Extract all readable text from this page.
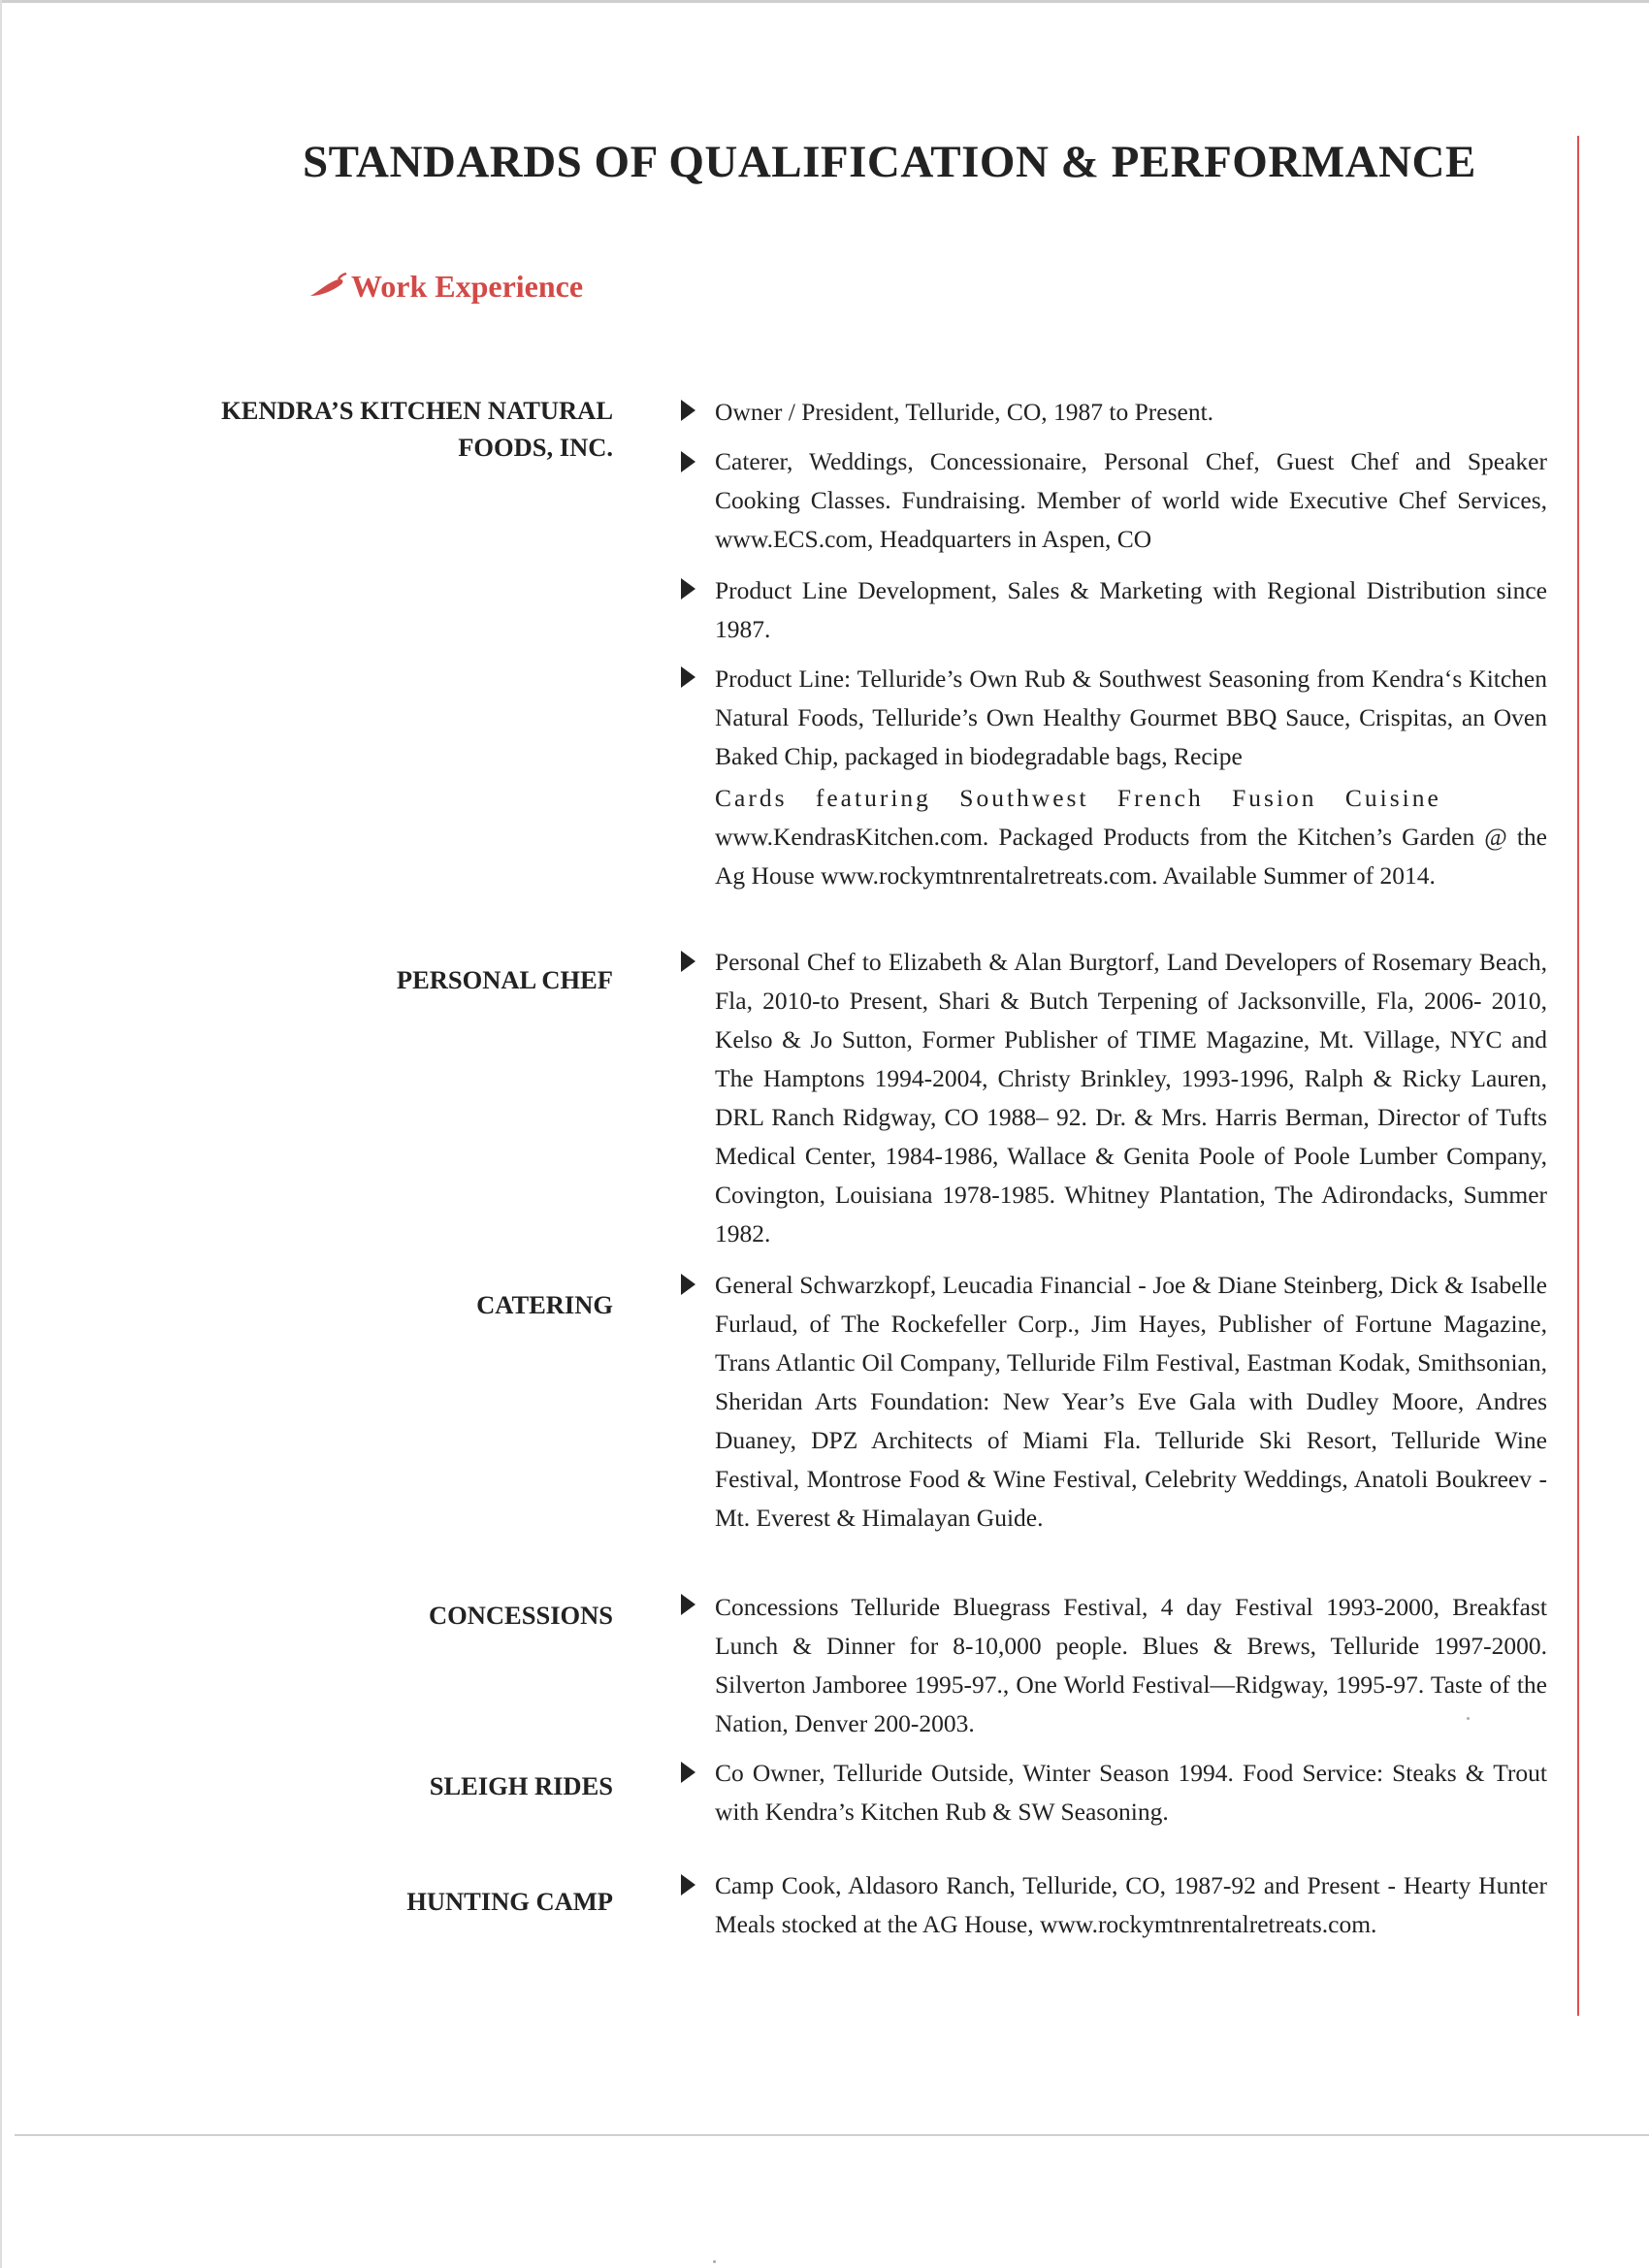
STANDARDS OF QUALIFICATION & PERFORMANCE
Work Experience
KENDRA’S KITCHEN NATURAL FOODS, INC.
Owner / President, Telluride, CO, 1987 to Present.
Caterer, Weddings, Concessionaire, Personal Chef, Guest Chef and Speaker Cooking Classes. Fundraising. Member of world wide Executive Chef Services, www.ECS.com, Headquarters in Aspen, CO
Product Line Development, Sales & Marketing with Regional Distribution since 1987.
Product Line: Telluride’s Own Rub & Southwest Seasoning from Kendra‘s Kitchen Natural Foods, Telluride’s Own Healthy Gourmet BBQ Sauce, Crispitas, an Oven Baked Chip, packaged in biodegradable bags, Recipe
Cards featuring Southwest French Fusion Cuisine
www.KendrasKitchen.com. Packaged Products from the Kitchen’s Garden @ the Ag House www.rockymtnrentalretreats.com. Available Summer of 2014.
PERSONAL CHEF
Personal Chef to Elizabeth & Alan Burgtorf, Land Developers of Rosemary Beach, Fla, 2010-to Present, Shari & Butch Terpening of Jacksonville, Fla, 2006- 2010, Kelso & Jo Sutton, Former Publisher of TIME Magazine, Mt. Village, NYC and The Hamptons 1994-2004, Christy Brinkley, 1993-1996, Ralph & Ricky Lauren, DRL Ranch Ridgway, CO 1988– 92. Dr. & Mrs. Harris Berman, Director of Tufts Medical Center, 1984-1986, Wallace & Genita Poole of Poole Lumber Company, Covington, Louisiana 1978-1985. Whitney Plantation, The Adirondacks, Summer 1982.
CATERING
General Schwarzkopf, Leucadia Financial - Joe & Diane Steinberg, Dick & Isabelle Furlaud, of The Rockefeller Corp., Jim Hayes, Publisher of Fortune Magazine, Trans Atlantic Oil Company, Telluride Film Festival, Eastman Kodak, Smithsonian, Sheridan Arts Foundation: New Year’s Eve Gala with Dudley Moore, Andres Duaney, DPZ Architects of Miami Fla. Telluride Ski Resort, Telluride Wine Festival, Montrose Food & Wine Festival, Celebrity Weddings, Anatoli Boukreev - Mt. Everest & Himalayan Guide.
CONCESSIONS	Concessions Telluride Bluegrass Festival, 4 day Festival 1993-2000, Breakfast Lunch & Dinner for 8-10,000 people. Blues & Brews, Telluride 1997-2000. Silverton Jamboree 1995-97., One World Festival—Ridgway, 1995-97. Taste of the Nation, Denver 200-2003.
SLEIGH RIDES	Co Owner, Telluride Outside, Winter Season 1994. Food Service: Steaks & Trout with Kendra’s Kitchen Rub & SW Seasoning.
HUNTING CAMP
Camp Cook, Aldasoro Ranch, Telluride, CO, 1987-92 and Present - Hearty Hunter Meals stocked at the AG House, www.rockymtnrentalretreats.com.
